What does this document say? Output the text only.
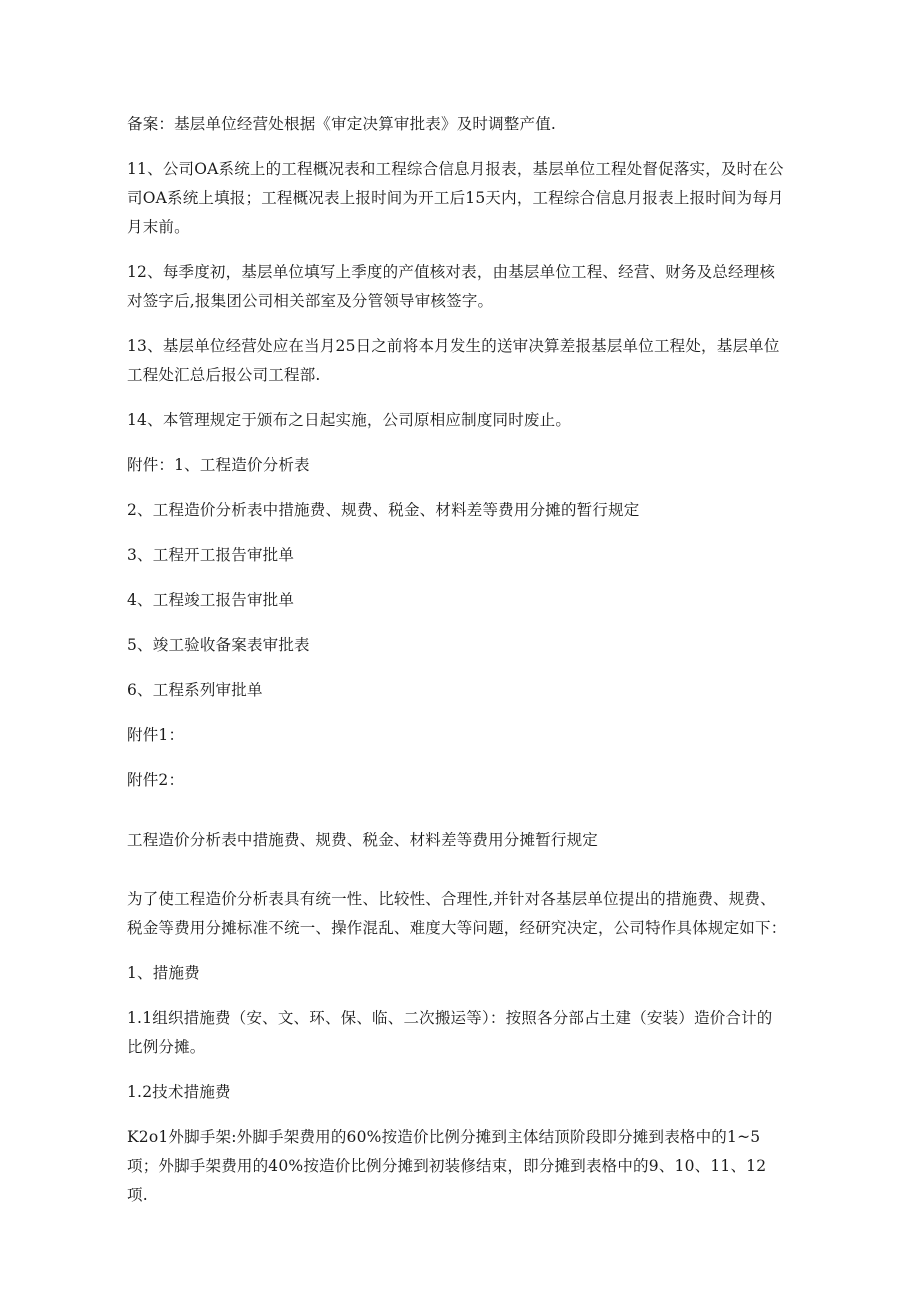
备案：基层单位经营处根据《审定决算审批表》及时调整产值.

11、公司OA系统上的工程概况表和工程综合信息月报表，基层单位工程处督促落实，及时在公司OA系统上填报；工程概况表上报时间为开工后15天内，工程综合信息月报表上报时间为每月月末前。

12、每季度初，基层单位填写上季度的产值核对表，由基层单位工程、经营、财务及总经理核对签字后,报集团公司相关部室及分管领导审核签字。

13、基层单位经营处应在当月25日之前将本月发生的送审决算差报基层单位工程处，基层单位工程处汇总后报公司工程部.

14、本管理规定于颁布之日起实施，公司原相应制度同时废止。

附件：1、工程造价分析表

2、工程造价分析表中措施费、规费、税金、材料差等费用分摊的暂行规定

3、工程开工报告审批单

4、工程竣工报告审批单

5、竣工验收备案表审批表

6、工程系列审批单

附件1：

附件2：

工程造价分析表中措施费、规费、税金、材料差等费用分摊暂行规定

为了使工程造价分析表具有统一性、比较性、合理性,并针对各基层单位提出的措施费、规费、税金等费用分摊标准不统一、操作混乱、难度大等问题，经研究决定，公司特作具体规定如下：

1、措施费

1.1组织措施费（安、文、环、保、临、二次搬运等）：按照各分部占土建（安装）造价合计的比例分摊。

1.2技术措施费

K2o1外脚手架:外脚手架费用的60%按造价比例分摊到主体结顶阶段即分摊到表格中的1~5项；外脚手架费用的40%按造价比例分摊到初装修结束，即分摊到表格中的9、10、11、12项.
